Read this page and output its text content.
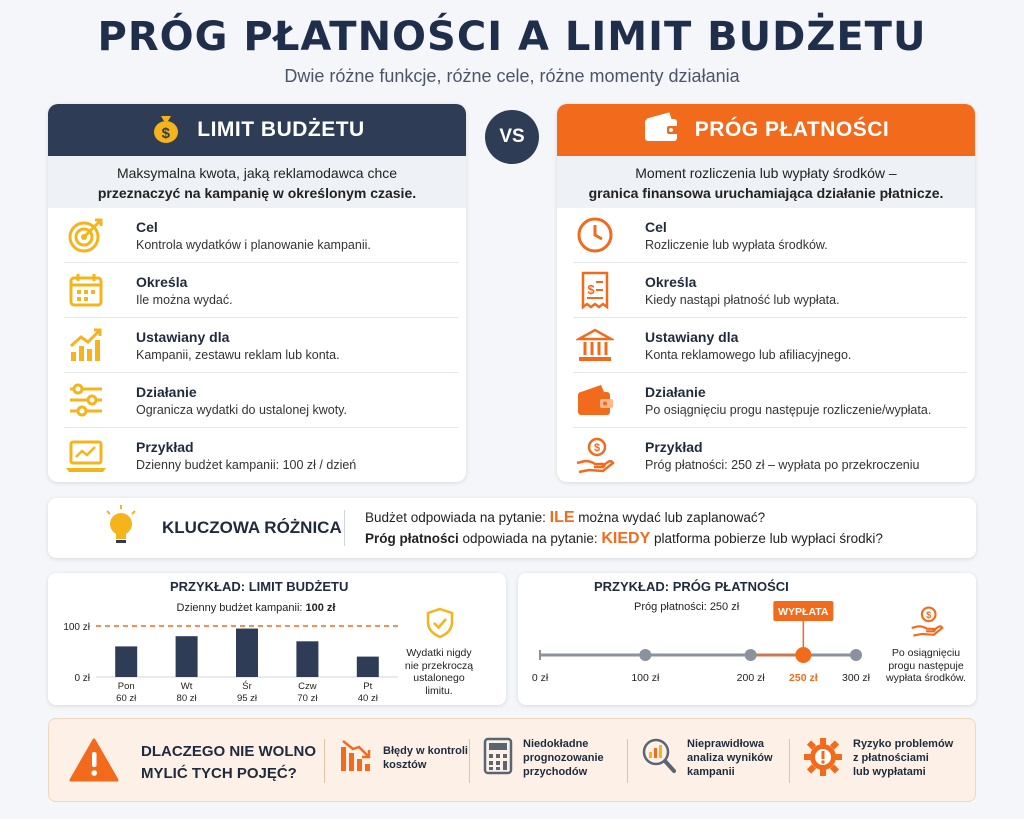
PRÓG PŁATNOŚCI A LIMIT BUDŻETU
Dwie różne funkcje, różne cele, różne momenty działania
$ LIMIT BUDŻETU
Maksymalna kwota, jaką reklamodawca chce
przeznaczyć na kampanię w określonym czasie.
Cel
Kontrola wydatków i planowanie kampanii.
Określa
Ile można wydać.
Ustawiany dla
Kampanii, zestawu reklam lub konta.
Działanie
Ogranicza wydatki do ustalonej kwoty.
Przykład
Dzienny budżet kampanii: 100 zł / dzień
VS	PRÓG PŁATNOŚCI
Moment rozliczenia lub wypłaty środków –
granica finansowa uruchamiająca działanie płatnicze.
Cel
Rozliczenie lub wypłata środków.
$	Określa
Kiedy nastąpi płatność lub wypłata.
Ustawiany dla
Konta reklamowego lub afiliacyjnego.
Działanie
Po osiągnięciu progu następuje rozliczenie/wypłata.
$	Przykład
Próg płatności: 250 zł – wypłata po przekroczeniu
KLUCZOWA RÓŻNICA
Budżet odpowiada na pytanie: ILE można wydać lub zaplanować?
Próg płatności odpowiada na pytanie: KIEDY platforma pobierze lub wypłaci środki?
PRZYKŁAD: LIMIT BUDŻETU
Dzienny budżet kampanii: 100 zł
100 zł
0 zł
Pon
60 zł
Wt
80 zł
Śr
95 zł
Czw
70 zł
Pt
40 zł
Wydatki nigdy
nie przekroczą
ustalonego
limitu.
PRZYKŁAD: PRÓG PŁATNOŚCI
Próg płatności: 250 zł
0 zł	100 zł	200 zł 250 zł 300 zł
WYPŁATA	$
Po osiągnięciu
progu następuje
wypłata środków.
DLACZEGO NIE WOLNO
MYLIĆ TYCH POJĘĆ?
Błędy w kontroli
kosztów
Niedokładne
prognozowanie
przychodów
Nieprawidłowa
analiza wyników
kampanii
Ryzyko problemów
z płatnościami
lub wypłatami
